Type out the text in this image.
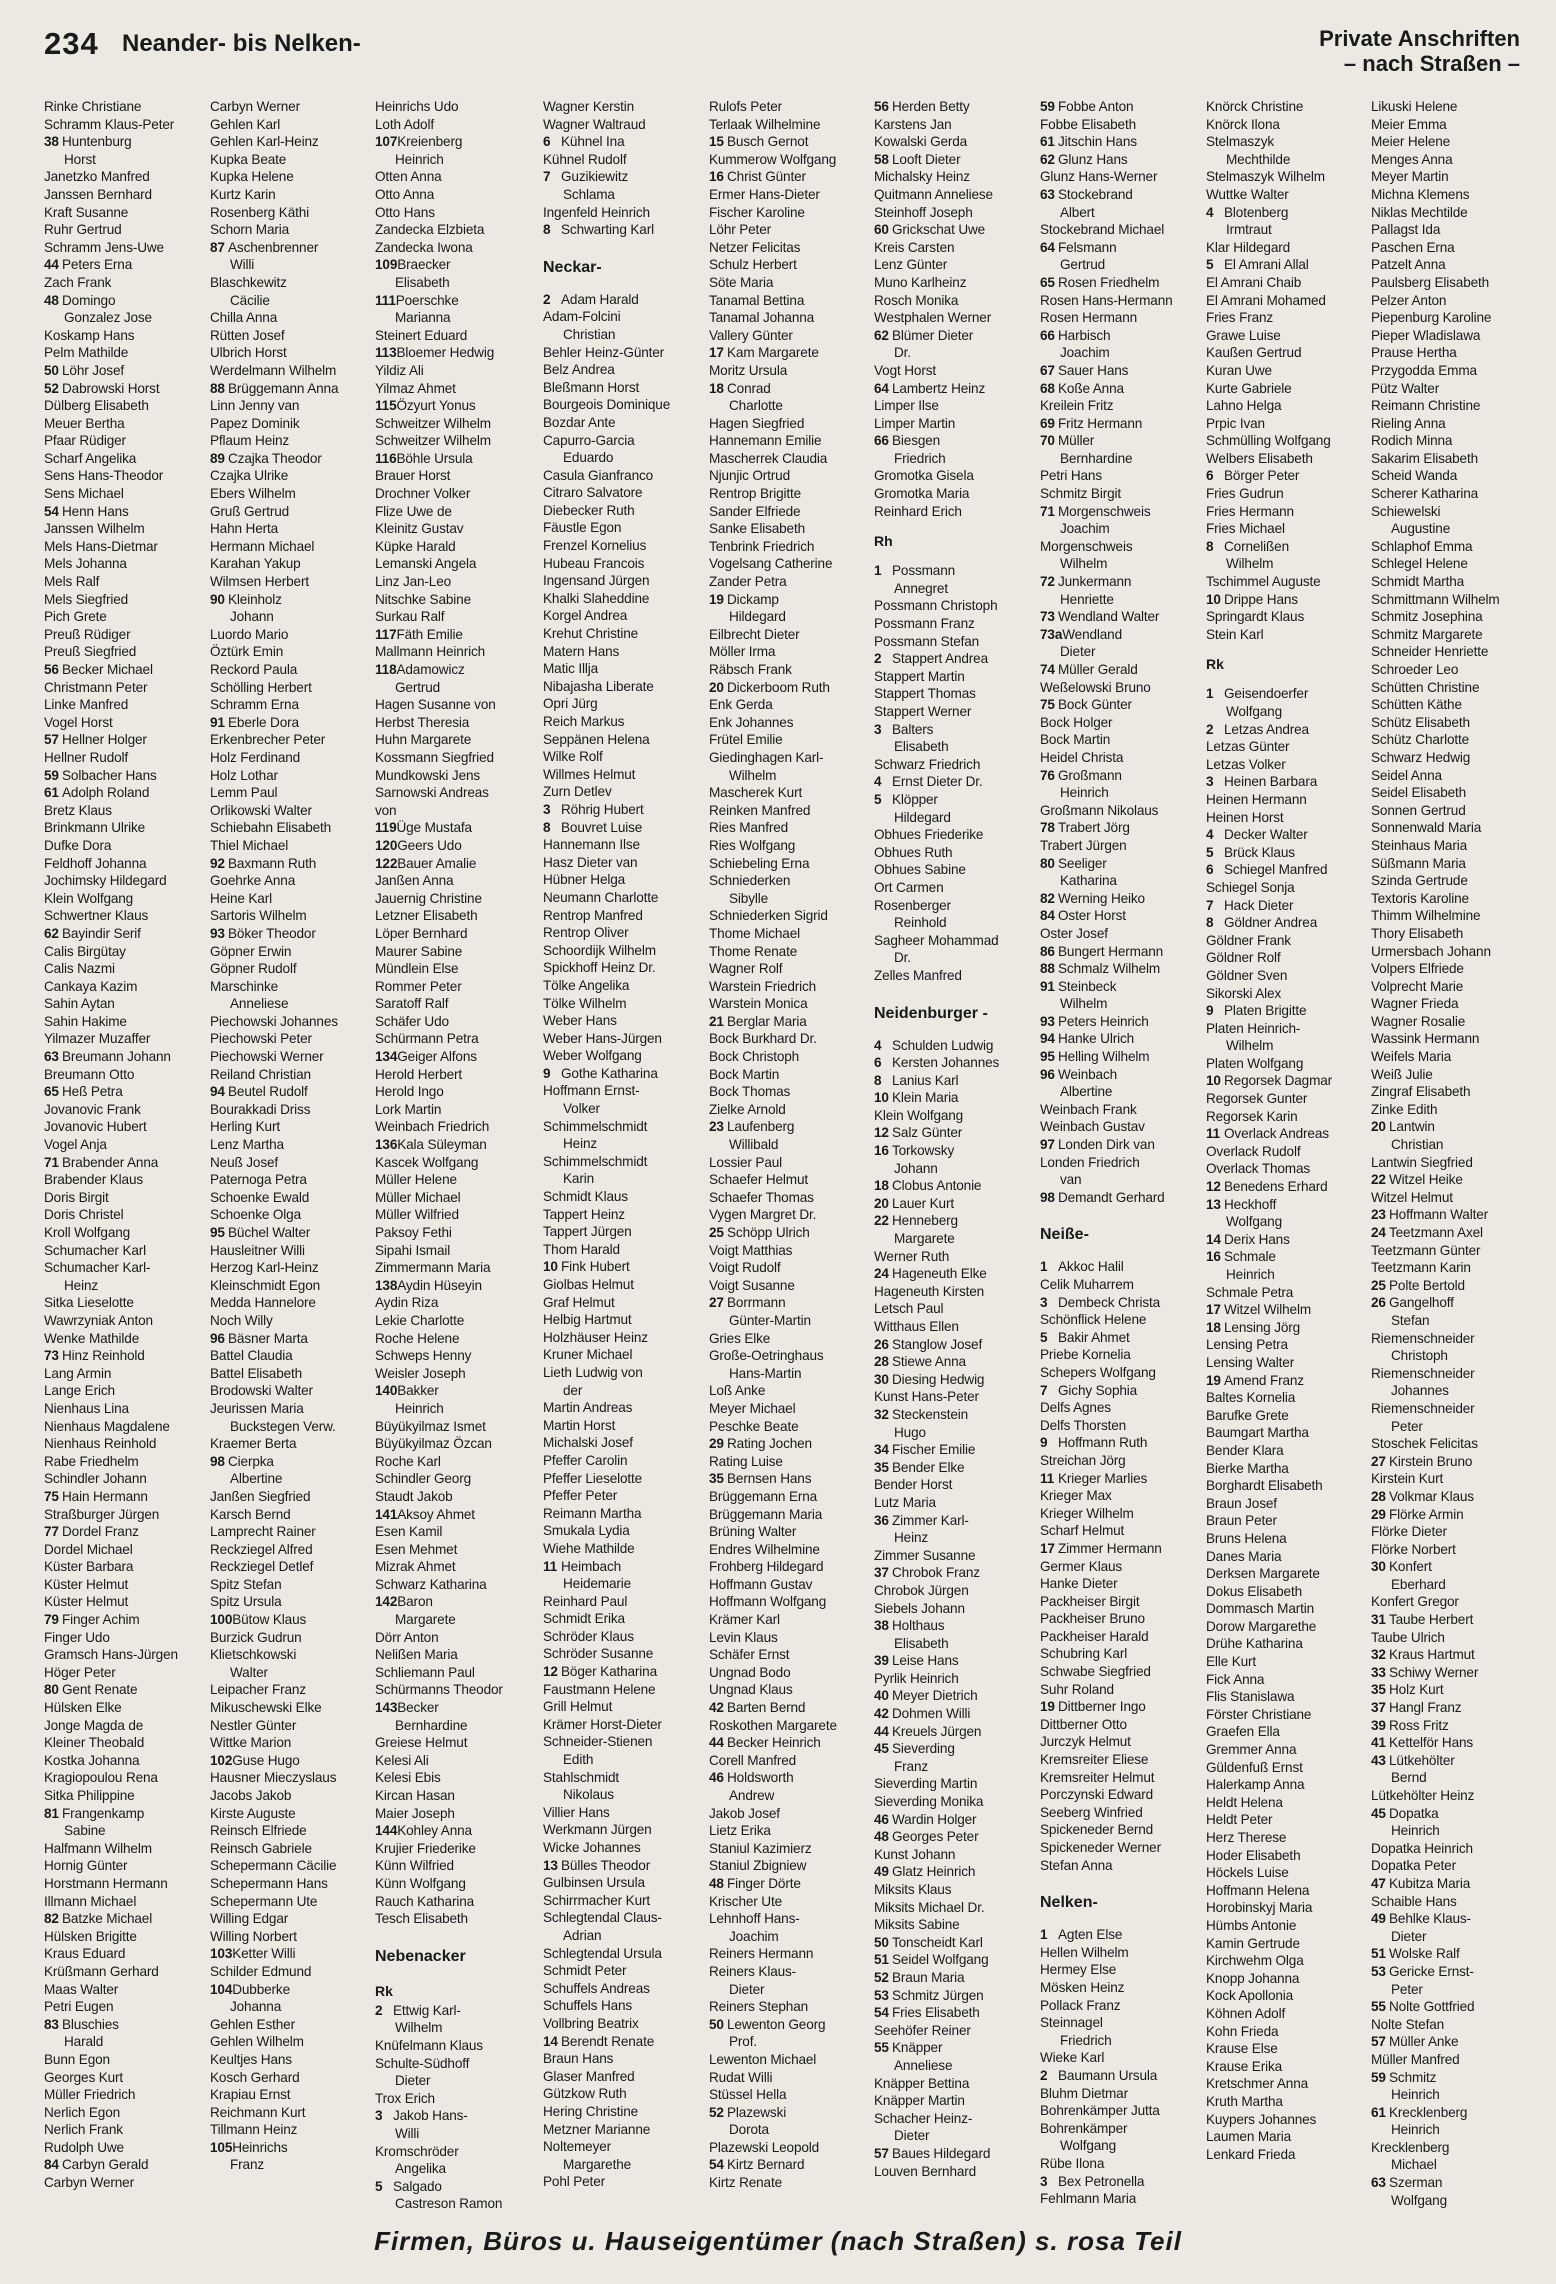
234 Neander- bis Nelken-	Private Anschriften
– nach Straßen –
Rinke Christiane
Schramm Klaus-Peter
38Huntenburg
Horst
Janetzko Manfred
Janssen Bernhard
Kraft Susanne
Ruhr Gertrud
Schramm Jens-Uwe
44Peters Erna
Zach Frank
48Domingo
Gonzalez Jose
Koskamp Hans
Pelm Mathilde
50Löhr Josef
52Dabrowski Horst
Dülberg Elisabeth
Meuer Bertha
Pfaar Rüdiger
Scharf Angelika
Sens Hans-Theodor
Sens Michael
54Henn Hans
Janssen Wilhelm
Mels Hans-Dietmar
Mels Johanna
Mels Ralf
Mels Siegfried
Pich Grete
Preuß Rüdiger
Preuß Siegfried
56Becker Michael
Christmann Peter
Linke Manfred
Vogel Horst
57Hellner Holger
Hellner Rudolf
59Solbacher Hans
61Adolph Roland
Bretz Klaus
Brinkmann Ulrike
Dufke Dora
Feldhoff Johanna
Jochimsky Hildegard
Klein Wolfgang
Schwertner Klaus
62Bayindir Serif
Calis Birgütay
Calis Nazmi
Cankaya Kazim
Sahin Aytan
Sahin Hakime
Yilmazer Muzaffer
63Breumann Johann
Breumann Otto
65Heß Petra
Jovanovic Frank
Jovanovic Hubert
Vogel Anja
71Brabender Anna
Brabender Klaus
Doris Birgit
Doris Christel
Kroll Wolfgang
Schumacher Karl
Schumacher Karl-
Heinz
Sitka Lieselotte
Wawrzyniak Anton
Wenke Mathilde
73Hinz Reinhold
Lang Armin
Lange Erich
Nienhaus Lina
Nienhaus Magdalene
Nienhaus Reinhold
Rabe Friedhelm
Schindler Johann
75Hain Hermann
Straßburger Jürgen
77Dordel Franz
Dordel Michael
Küster Barbara
Küster Helmut
Küster Helmut
79Finger Achim
Finger Udo
Gramsch Hans-Jürgen
Höger Peter
80Gent Renate
Hülsken Elke
Jonge Magda de
Kleiner Theobald
Kostka Johanna
Kragiopoulou Rena
Sitka Philippine
81Frangenkamp
Sabine
Halfmann Wilhelm
Hornig Günter
Horstmann Hermann
Illmann Michael
82Batzke Michael
Hülsken Brigitte
Kraus Eduard
Krüßmann Gerhard
Maas Walter
Petri Eugen
83Bluschies
Harald
Bunn Egon
Georges Kurt
Müller Friedrich
Nerlich Egon
Nerlich Frank
Rudolph Uwe
84Carbyn Gerald
Carbyn Werner
Carbyn Werner
Gehlen Karl
Gehlen Karl-Heinz
Kupka Beate
Kupka Helene
Kurtz Karin
Rosenberg Käthi
Schorn Maria
87Aschenbrenner
Willi
Blaschkewitz
Cäcilie
Chilla Anna
Rütten Josef
Ulbrich Horst
Werdelmann Wilhelm
88Brüggemann Anna
Linn Jenny van
Papez Dominik
Pflaum Heinz
89Czajka Theodor
Czajka Ulrike
Ebers Wilhelm
Gruß Gertrud
Hahn Herta
Hermann Michael
Karahan Yakup
Wilmsen Herbert
90Kleinholz
Johann
Luordo Mario
Öztürk Emin
Reckord Paula
Schölling Herbert
Schramm Erna
91Eberle Dora
Erkenbrecher Peter
Holz Ferdinand
Holz Lothar
Lemm Paul
Orlikowski Walter
Schiebahn Elisabeth
Thiel Michael
92Baxmann Ruth
Goehrke Anna
Heine Karl
Sartoris Wilhelm
93Böker Theodor
Göpner Erwin
Göpner Rudolf
Marschinke
Anneliese
Piechowski Johannes
Piechowski Peter
Piechowski Werner
Reiland Christian
94Beutel Rudolf
Bourakkadi Driss
Herling Kurt
Lenz Martha
Neuß Josef
Paternoga Petra
Schoenke Ewald
Schoenke Olga
95Büchel Walter
Hausleitner Willi
Herzog Karl-Heinz
Kleinschmidt Egon
Medda Hannelore
Noch Willy
96Bäsner Marta
Battel Claudia
Battel Elisabeth
Brodowski Walter
Jeurissen Maria
Buckstegen Verw.
Kraemer Berta
98Cierpka
Albertine
Janßen Siegfried
Karsch Bernd
Lamprecht Rainer
Reckziegel Alfred
Reckziegel Detlef
Spitz Stefan
Spitz Ursula
100Bütow Klaus
Burzick Gudrun
Klietschkowski
Walter
Leipacher Franz
Mikuschewski Elke
Nestler Günter
Wittke Marion
102Guse Hugo
Hausner Mieczyslaus
Jacobs Jakob
Kirste Auguste
Reinsch Elfriede
Reinsch Gabriele
Schepermann Cäcilie
Schepermann Hans
Schepermann Ute
Willing Edgar
Willing Norbert
103Ketter Willi
Schilder Edmund
104Dubberke
Johanna
Gehlen Esther
Gehlen Wilhelm
Keultjes Hans
Kosch Gerhard
Krapiau Ernst
Reichmann Kurt
Tillmann Heinz
105Heinrichs
Franz
Heinrichs Udo
Loth Adolf
107Kreienberg
Heinrich
Otten Anna
Otto Anna
Otto Hans
Zandecka Elzbieta
Zandecka Iwona
109Braecker
Elisabeth
111Poerschke
Marianna
Steinert Eduard
113Bloemer Hedwig
Yildiz Ali
Yilmaz Ahmet
115Özyurt Yonus
Schweitzer Wilhelm
Schweitzer Wilhelm
116Böhle Ursula
Brauer Horst
Drochner Volker
Flize Uwe de
Kleinitz Gustav
Küpke Harald
Lemanski Angela
Linz Jan-Leo
Nitschke Sabine
Surkau Ralf
117Fäth Emilie
Mallmann Heinrich
118Adamowicz
Gertrud
Hagen Susanne von
Herbst Theresia
Huhn Margarete
Kossmann Siegfried
Mundkowski Jens
Sarnowski Andreas
von
119Üge Mustafa
120Geers Udo
122Bauer Amalie
Janßen Anna
Jauernig Christine
Letzner Elisabeth
Löper Bernhard
Maurer Sabine
Mündlein Else
Rommer Peter
Saratoff Ralf
Schäfer Udo
Schürmann Petra
134Geiger Alfons
Herold Herbert
Herold Ingo
Lork Martin
Weinbach Friedrich
136Kala Süleyman
Kascek Wolfgang
Müller Helene
Müller Michael
Müller Wilfried
Paksoy Fethi
Sipahi Ismail
Zimmermann Maria
138Aydin Hüseyin
Aydin Riza
Lekie Charlotte
Roche Helene
Schweps Henny
Weisler Joseph
140Bakker
Heinrich
Büyükyilmaz Ismet
Büyükyilmaz Özcan
Roche Karl
Schindler Georg
Staudt Jakob
141Aksoy Ahmet
Esen Kamil
Esen Mehmet
Mizrak Ahmet
Schwarz Katharina
142Baron
Margarete
Dörr Anton
Nelißen Maria
Schliemann Paul
Schürmanns Theodor
143Becker
Bernhardine
Greiese Helmut
Kelesi Ali
Kelesi Ebis
Kircan Hasan
Maier Joseph
144Kohley Anna
Krujier Friederike
Künn Wilfried
Künn Wolfgang
Rauch Katharina
Tesch Elisabeth
Nebenacker
Rk
2Ettwig Karl-
Wilhelm
Knüfelmann Klaus
Schulte-Südhoff
Dieter
Trox Erich
3Jakob Hans-
Willi
Kromschröder
Angelika
5Salgado
Castreson Ramon
Wagner Kerstin
Wagner Waltraud
6Kühnel Ina
Kühnel Rudolf
7Guzikiewitz
Schlama
Ingenfeld Heinrich
8Schwarting Karl
Neckar-
2Adam Harald
Adam-Folcini
Christian
Behler Heinz-Günter
Belz Andrea
Bleßmann Horst
Bourgeois Dominique
Bozdar Ante
Capurro-Garcia
Eduardo
Casula Gianfranco
Citraro Salvatore
Diebecker Ruth
Fäustle Egon
Frenzel Kornelius
Hubeau Francois
Ingensand Jürgen
Khalki Slaheddine
Korgel Andrea
Krehut Christine
Matern Hans
Matic Illja
Nibajasha Liberate
Opri Jürg
Reich Markus
Seppänen Helena
Wilke Rolf
Willmes Helmut
Zurn Detlev
3Röhrig Hubert
8Bouvret Luise
Hannemann Ilse
Hasz Dieter van
Hübner Helga
Neumann Charlotte
Rentrop Manfred
Rentrop Oliver
Schoordijk Wilhelm
Spickhoff Heinz Dr.
Tölke Angelika
Tölke Wilhelm
Weber Hans
Weber Hans-Jürgen
Weber Wolfgang
9Gothe Katharina
Hoffmann Ernst-
Volker
Schimmelschmidt
Heinz
Schimmelschmidt
Karin
Schmidt Klaus
Tappert Heinz
Tappert Jürgen
Thom Harald
10Fink Hubert
Giolbas Helmut
Graf Helmut
Helbig Hartmut
Holzhäuser Heinz
Kruner Michael
Lieth Ludwig von
der
Martin Andreas
Martin Horst
Michalski Josef
Pfeffer Carolin
Pfeffer Lieselotte
Pfeffer Peter
Reimann Martha
Smukala Lydia
Wiehe Mathilde
11Heimbach
Heidemarie
Reinhard Paul
Schmidt Erika
Schröder Klaus
Schröder Susanne
12Böger Katharina
Faustmann Helene
Grill Helmut
Krämer Horst-Dieter
Schneider-Stienen
Edith
Stahlschmidt
Nikolaus
Villier Hans
Werkmann Jürgen
Wicke Johannes
13Bülles Theodor
Gulbinsen Ursula
Schirrmacher Kurt
Schlegtendal Claus-
Adrian
Schlegtendal Ursula
Schmidt Peter
Schuffels Andreas
Schuffels Hans
Vollbring Beatrix
14Berendt Renate
Braun Hans
Glaser Manfred
Gützkow Ruth
Hering Christine
Metzner Marianne
Noltemeyer
Margarethe
Pohl Peter
Rulofs Peter
Terlaak Wilhelmine
15Busch Gernot
Kummerow Wolfgang
16Christ Günter
Ermer Hans-Dieter
Fischer Karoline
Löhr Peter
Netzer Felicitas
Schulz Herbert
Söte Maria
Tanamal Bettina
Tanamal Johanna
Vallery Günter
17Kam Margarete
Moritz Ursula
18Conrad
Charlotte
Hagen Siegfried
Hannemann Emilie
Mascherrek Claudia
Njunjic Ortrud
Rentrop Brigitte
Sander Elfriede
Sanke Elisabeth
Tenbrink Friedrich
Vogelsang Catherine
Zander Petra
19Dickamp
Hildegard
Eilbrecht Dieter
Möller Irma
Räbsch Frank
20Dickerboom Ruth
Enk Gerda
Enk Johannes
Frütel Emilie
Giedinghagen Karl-
Wilhelm
Mascherek Kurt
Reinken Manfred
Ries Manfred
Ries Wolfgang
Schiebeling Erna
Schniederken
Sibylle
Schniederken Sigrid
Thome Michael
Thome Renate
Wagner Rolf
Warstein Friedrich
Warstein Monica
21Berglar Maria
Bock Burkhard Dr.
Bock Christoph
Bock Martin
Bock Thomas
Zielke Arnold
23Laufenberg
Willibald
Lossier Paul
Schaefer Helmut
Schaefer Thomas
Vygen Margret Dr.
25Schöpp Ulrich
Voigt Matthias
Voigt Rudolf
Voigt Susanne
27Borrmann
Günter-Martin
Gries Elke
Große-Oetringhaus
Hans-Martin
Loß Anke
Meyer Michael
Peschke Beate
29Rating Jochen
Rating Luise
35Bernsen Hans
Brüggemann Erna
Brüggemann Maria
Brüning Walter
Endres Wilhelmine
Frohberg Hildegard
Hoffmann Gustav
Hoffmann Wolfgang
Krämer Karl
Levin Klaus
Schäfer Ernst
Ungnad Bodo
Ungnad Klaus
42Barten Bernd
Roskothen Margarete
44Becker Heinrich
Corell Manfred
46Holdsworth
Andrew
Jakob Josef
Lietz Erika
Staniul Kazimierz
Staniul Zbigniew
48Finger Dörte
Krischer Ute
Lehnhoff Hans-
Joachim
Reiners Hermann
Reiners Klaus-
Dieter
Reiners Stephan
50Lewenton Georg
Prof.
Lewenton Michael
Rudat Willi
Stüssel Hella
52Plazewski
Dorota
Plazewski Leopold
54Kirtz Bernard
Kirtz Renate
56Herden Betty
Karstens Jan
Kowalski Gerda
58Looft Dieter
Michalsky Heinz
Quitmann Anneliese
Steinhoff Joseph
60Grickschat Uwe
Kreis Carsten
Lenz Günter
Muno Karlheinz
Rosch Monika
Westphalen Werner
62Blümer Dieter
Dr.
Vogt Horst
64Lambertz Heinz
Limper Ilse
Limper Martin
66Biesgen
Friedrich
Gromotka Gisela
Gromotka Maria
Reinhard Erich
Rh
1Possmann
Annegret
Possmann Christoph
Possmann Franz
Possmann Stefan
2Stappert Andrea
Stappert Martin
Stappert Thomas
Stappert Werner
3Balters
Elisabeth
Schwarz Friedrich
4Ernst Dieter Dr.
5Klöpper
Hildegard
Obhues Friederike
Obhues Ruth
Obhues Sabine
Ort Carmen
Rosenberger
Reinhold
Sagheer Mohammad
Dr.
Zelles Manfred
Neidenburger -
4Schulden Ludwig
6Kersten Johannes
8Lanius Karl
10Klein Maria
Klein Wolfgang
12Salz Günter
16Torkowsky
Johann
18Clobus Antonie
20Lauer Kurt
22Henneberg
Margarete
Werner Ruth
24Hageneuth Elke
Hageneuth Kirsten
Letsch Paul
Witthaus Ellen
26Stanglow Josef
28Stiewe Anna
30Diesing Hedwig
Kunst Hans-Peter
32Steckenstein
Hugo
34Fischer Emilie
35Bender Elke
Bender Horst
Lutz Maria
36Zimmer Karl-
Heinz
Zimmer Susanne
37Chrobok Franz
Chrobok Jürgen
Siebels Johann
38Holthaus
Elisabeth
39Leise Hans
Pyrlik Heinrich
40Meyer Dietrich
42Dohmen Willi
44Kreuels Jürgen
45Sieverding
Franz
Sieverding Martin
Sieverding Monika
46Wardin Holger
48Georges Peter
Kunst Johann
49Glatz Heinrich
Miksits Klaus
Miksits Michael Dr.
Miksits Sabine
50Tonscheidt Karl
51Seidel Wolfgang
52Braun Maria
53Schmitz Jürgen
54Fries Elisabeth
Seehöfer Reiner
55Knäpper
Anneliese
Knäpper Bettina
Knäpper Martin
Schacher Heinz-
Dieter
57Baues Hildegard
Louven Bernhard
59Fobbe Anton
Fobbe Elisabeth
61Jitschin Hans
62Glunz Hans
Glunz Hans-Werner
63Stockebrand
Albert
Stockebrand Michael
64Felsmann
Gertrud
65Rosen Friedhelm
Rosen Hans-Hermann
Rosen Hermann
66Harbisch
Joachim
67Sauer Hans
68Koße Anna
Kreilein Fritz
69Fritz Hermann
70Müller
Bernhardine
Petri Hans
Schmitz Birgit
71Morgenschweis
Joachim
Morgenschweis
Wilhelm
72Junkermann
Henriette
73Wendland Walter
73aWendland
Dieter
74Müller Gerald
Weßelowski Bruno
75Bock Günter
Bock Holger
Bock Martin
Heidel Christa
76Großmann
Heinrich
Großmann Nikolaus
78Trabert Jörg
Trabert Jürgen
80Seeliger
Katharina
82Werning Heiko
84Oster Horst
Oster Josef
86Bungert Hermann
88Schmalz Wilhelm
91Steinbeck
Wilhelm
93Peters Heinrich
94Hanke Ulrich
95Helling Wilhelm
96Weinbach
Albertine
Weinbach Frank
Weinbach Gustav
97Londen Dirk van
Londen Friedrich
van
98Demandt Gerhard
Neiße-
1Akkoc Halil
Celik Muharrem
3Dembeck Christa
Schönflick Helene
5Bakir Ahmet
Priebe Kornelia
Schepers Wolfgang
7Gichy Sophia
Delfs Agnes
Delfs Thorsten
9Hoffmann Ruth
Streichan Jörg
11Krieger Marlies
Krieger Max
Krieger Wilhelm
Scharf Helmut
17Zimmer Hermann
Germer Klaus
Hanke Dieter
Packheiser Birgit
Packheiser Bruno
Packheiser Harald
Schubring Karl
Schwabe Siegfried
Suhr Roland
19Dittberner Ingo
Dittberner Otto
Jurczyk Helmut
Kremsreiter Eliese
Kremsreiter Helmut
Porczynski Edward
Seeberg Winfried
Spickeneder Bernd
Spickeneder Werner
Stefan Anna
Nelken-
1Agten Else
Hellen Wilhelm
Hermey Else
Mösken Heinz
Pollack Franz
Steinnagel
Friedrich
Wieke Karl
2Baumann Ursula
Bluhm Dietmar
Bohrenkämper Jutta
Bohrenkämper
Wolfgang
Rübe Ilona
3Bex Petronella
Fehlmann Maria
Knörck Christine
Knörck Ilona
Stelmaszyk
Mechthilde
Stelmaszyk Wilhelm
Wuttke Walter
4Blotenberg
Irmtraut
Klar Hildegard
5El Amrani Allal
El Amrani Chaib
El Amrani Mohamed
Fries Franz
Grawe Luise
Kaußen Gertrud
Kuran Uwe
Kurte Gabriele
Lahno Helga
Prpic Ivan
Schmülling Wolfgang
Welbers Elisabeth
6Börger Peter
Fries Gudrun
Fries Hermann
Fries Michael
8Cornelißen
Wilhelm
Tschimmel Auguste
10Drippe Hans
Springardt Klaus
Stein Karl
Rk
1Geisendoerfer
Wolfgang
2Letzas Andrea
Letzas Günter
Letzas Volker
3Heinen Barbara
Heinen Hermann
Heinen Horst
4Decker Walter
5Brück Klaus
6Schiegel Manfred
Schiegel Sonja
7Hack Dieter
8Göldner Andrea
Göldner Frank
Göldner Rolf
Göldner Sven
Sikorski Alex
9Platen Brigitte
Platen Heinrich-
Wilhelm
Platen Wolfgang
10Regorsek Dagmar
Regorsek Gunter
Regorsek Karin
11Overlack Andreas
Overlack Rudolf
Overlack Thomas
12Benedens Erhard
13Heckhoff
Wolfgang
14Derix Hans
16Schmale
Heinrich
Schmale Petra
17Witzel Wilhelm
18Lensing Jörg
Lensing Petra
Lensing Walter
19Amend Franz
Baltes Kornelia
Barufke Grete
Baumgart Martha
Bender Klara
Bierke Martha
Borghardt Elisabeth
Braun Josef
Braun Peter
Bruns Helena
Danes Maria
Derksen Margarete
Dokus Elisabeth
Dommasch Martin
Dorow Margarethe
Drühe Katharina
Elle Kurt
Fick Anna
Flis Stanislawa
Förster Christiane
Graefen Ella
Gremmer Anna
Güldenfuß Ernst
Halerkamp Anna
Heldt Helena
Heldt Peter
Herz Therese
Hoder Elisabeth
Höckels Luise
Hoffmann Helena
Horobinskyj Maria
Hümbs Antonie
Kamin Gertrude
Kirchwehm Olga
Knopp Johanna
Kock Apollonia
Köhnen Adolf
Kohn Frieda
Krause Else
Krause Erika
Kretschmer Anna
Kruth Martha
Kuypers Johannes
Laumen Maria
Lenkard Frieda
Likuski Helene
Meier Emma
Meier Helene
Menges Anna
Meyer Martin
Michna Klemens
Niklas Mechtilde
Pallagst Ida
Paschen Erna
Patzelt Anna
Paulsberg Elisabeth
Pelzer Anton
Piepenburg Karoline
Pieper Wladislawa
Prause Hertha
Przygodda Emma
Pütz Walter
Reimann Christine
Rieling Anna
Rodich Minna
Sakarim Elisabeth
Scheid Wanda
Scherer Katharina
Schiewelski
Augustine
Schlaphof Emma
Schlegel Helene
Schmidt Martha
Schmittmann Wilhelm
Schmitz Josephina
Schmitz Margarete
Schneider Henriette
Schroeder Leo
Schütten Christine
Schütten Käthe
Schütz Elisabeth
Schütz Charlotte
Schwarz Hedwig
Seidel Anna
Seidel Elisabeth
Sonnen Gertrud
Sonnenwald Maria
Steinhaus Maria
Süßmann Maria
Szinda Gertrude
Textoris Karoline
Thimm Wilhelmine
Thory Elisabeth
Urmersbach Johann
Volpers Elfriede
Volprecht Marie
Wagner Frieda
Wagner Rosalie
Wassink Hermann
Weifels Maria
Weiß Julie
Zingraf Elisabeth
Zinke Edith
20Lantwin
Christian
Lantwin Siegfried
22Witzel Heike
Witzel Helmut
23Hoffmann Walter
24Teetzmann Axel
Teetzmann Günter
Teetzmann Karin
25Polte Bertold
26Gangelhoff
Stefan
Riemenschneider
Christoph
Riemenschneider
Johannes
Riemenschneider
Peter
Stoschek Felicitas
27Kirstein Bruno
Kirstein Kurt
28Volkmar Klaus
29Flörke Armin
Flörke Dieter
Flörke Norbert
30Konfert
Eberhard
Konfert Gregor
31Taube Herbert
Taube Ulrich
32Kraus Hartmut
33Schiwy Werner
35Holz Kurt
37Hangl Franz
39Ross Fritz
41Kettelför Hans
43Lütkehölter
Bernd
Lütkehölter Heinz
45Dopatka
Heinrich
Dopatka Heinrich
Dopatka Peter
47Kubitza Maria
Schaible Hans
49Behlke Klaus-
Dieter
51Wolske Ralf
53Gericke Ernst-
Peter
55Nolte Gottfried
Nolte Stefan
57Müller Anke
Müller Manfred
59Schmitz
Heinrich
61Krecklenberg
Heinrich
Krecklenberg
Michael
63Szerman
Wolfgang
Firmen, Büros u. Hauseigentümer (nach Straßen) s. rosa Teil
